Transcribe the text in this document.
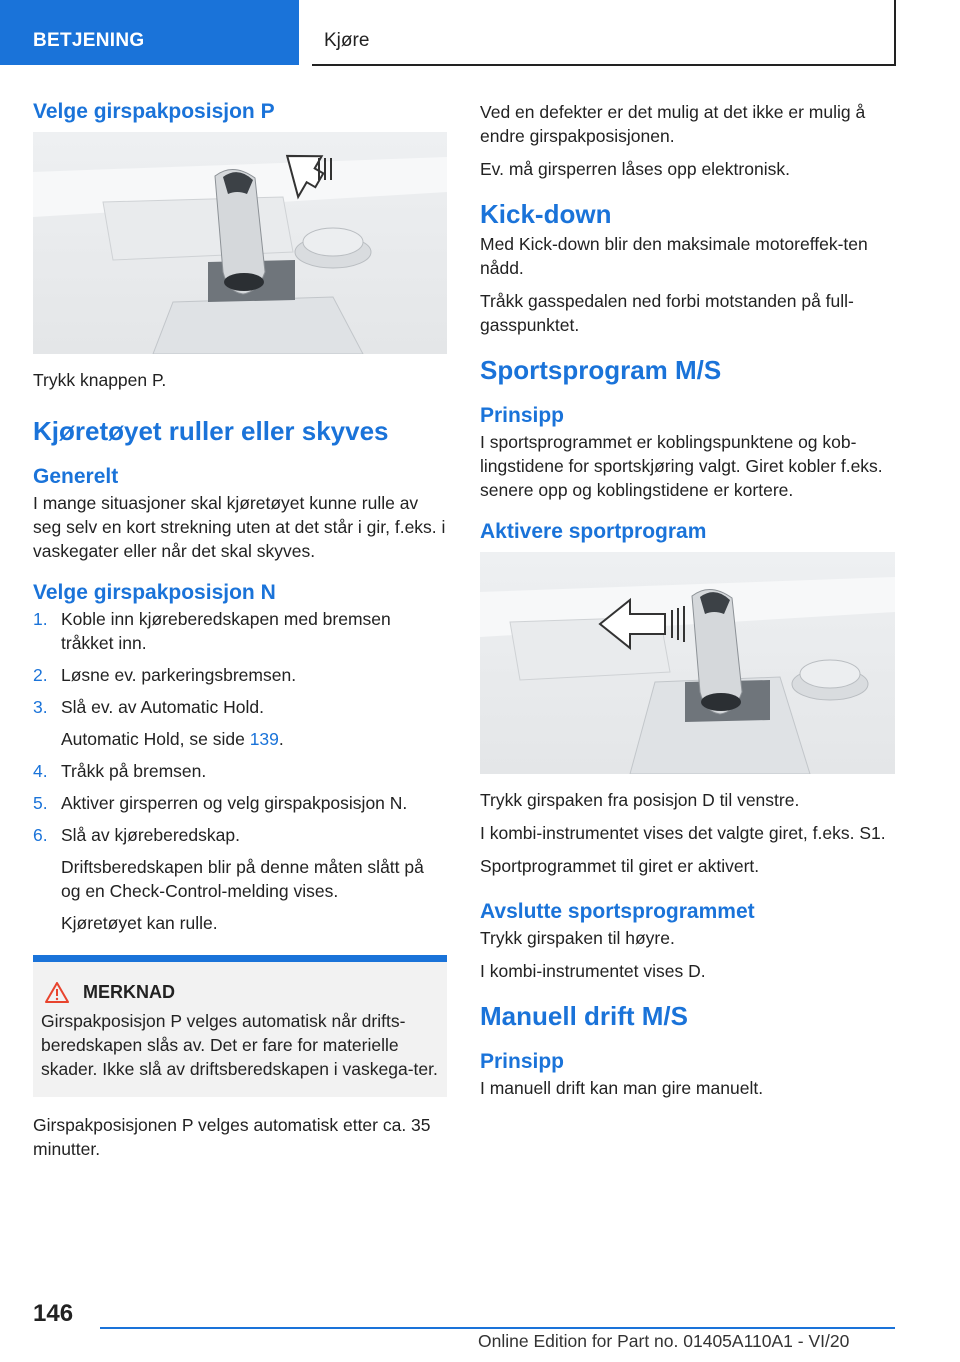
BETJENING	Kjøre
Velge girspakposisjon P

Trykk knappen P.

Kjøretøyet ruller eller skyves
Generelt

I mange situasjoner skal kjøretøyet kunne rulle av seg selv en kort strekning uten at det står i gir, f.eks. i vaskegater eller når det skal skyves.

Velge girspakposisjon N
1. Koble inn kjøreberedskapen med bremsen tråkket inn.
2. Løsne ev. parkeringsbremsen.
3. Slå ev. av Automatic Hold.
Automatic Hold, se side 139.
4. Tråkk på bremsen.
5. Aktiver girsperren og velg girspakposisjon N.
6. Slå av kjøreberedskap.
Driftsberedskapen blir på denne måten slått på og en Check-Control-melding vises.
Kjøretøyet kan rulle.
MERKNAD

Girspakposisjon P velges automatisk når drifts-beredskapen slås av. Det er fare for materielle skader. Ikke slå av driftsberedskapen i vaskega-ter.

Girspakposisjonen P velges automatisk etter ca. 35 minutter.

Ved en defekter er det mulig at det ikke er mulig å endre girspakposisjonen.

Ev. må girsperren låses opp elektronisk.

Kick-down

Med Kick-down blir den maksimale motoreffek-ten nådd.

Tråkk gasspedalen ned forbi motstanden på full-gasspunktet.

Sportsprogram M/S
Prinsipp

I sportsprogrammet er koblingspunktene og kob-lingstidene for sportskjøring valgt. Giret kobler f.eks. senere opp og koblingstidene er kortere.

Aktivere sportprogram

Trykk girspaken fra posisjon D til venstre.

I kombi-instrumentet vises det valgte giret, f.eks. S1.

Sportprogrammet til giret er aktivert.

Avslutte sportsprogrammet

Trykk girspaken til høyre.

I kombi-instrumentet vises D.

Manuell drift M/S
Prinsipp

I manuell drift kan man gire manuelt.

146
Online Edition for Part no. 01405A110A1 - VI/20
